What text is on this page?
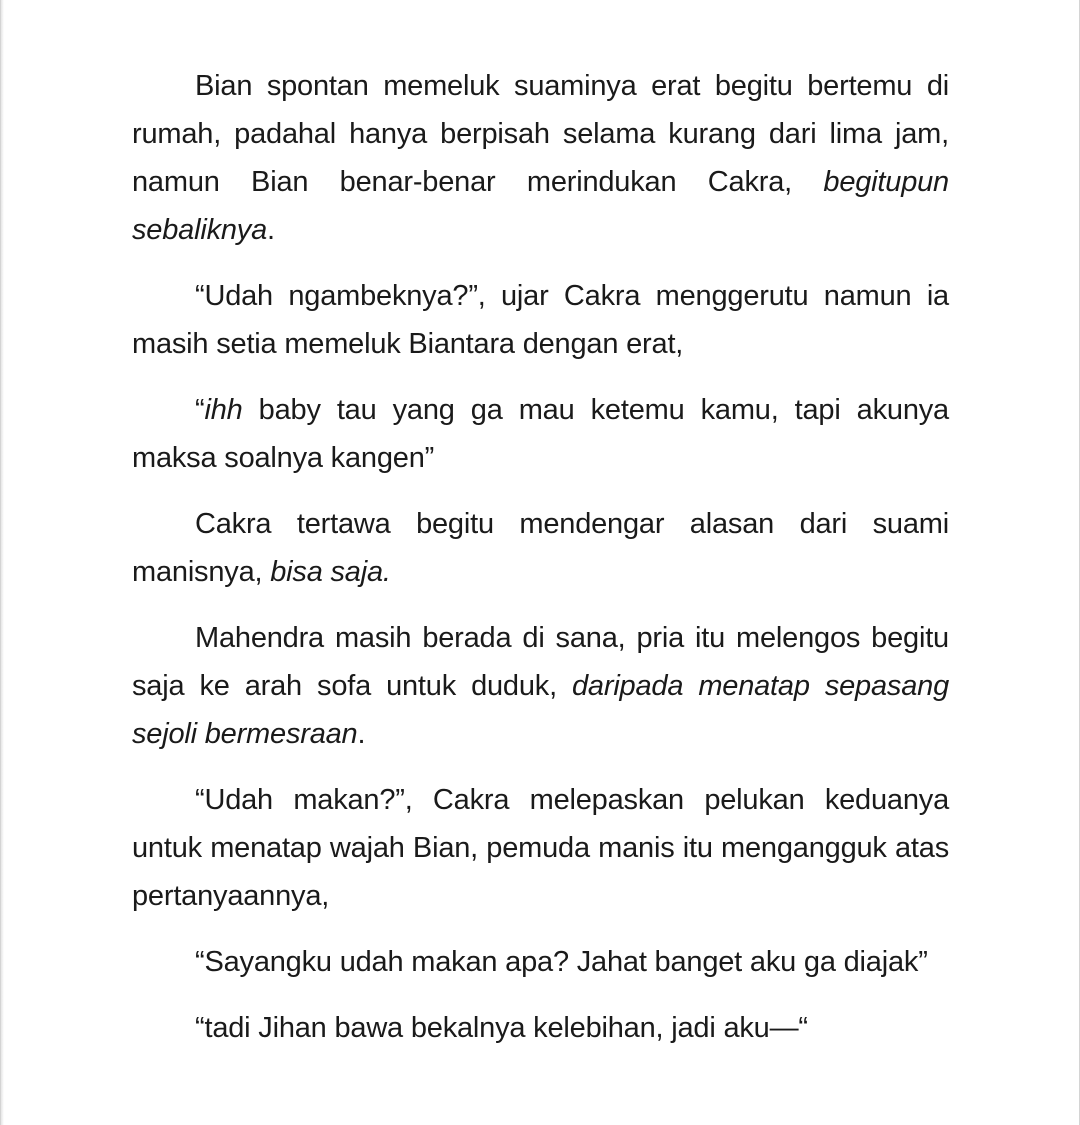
Bian spontan memeluk suaminya erat begitu bertemu di rumah, padahal hanya berpisah selama kurang dari lima jam, namun Bian benar-benar merindukan Cakra, begitupun sebaliknya.

“Udah ngambeknya?”, ujar Cakra menggerutu namun ia masih setia memeluk Biantara dengan erat,

“ihh baby tau yang ga mau ketemu kamu, tapi akunya maksa soalnya kangen”

Cakra tertawa begitu mendengar alasan dari suami manisnya, bisa saja.

Mahendra masih berada di sana, pria itu melengos begitu saja ke arah sofa untuk duduk, daripada menatap sepasang sejoli bermesraan.

“Udah makan?”, Cakra melepaskan pelukan keduanya untuk menatap wajah Bian, pemuda manis itu mengangguk atas pertanyaannya,

“Sayangku udah makan apa? Jahat banget aku ga diajak”

“tadi Jihan bawa bekalnya kelebihan, jadi aku—“
